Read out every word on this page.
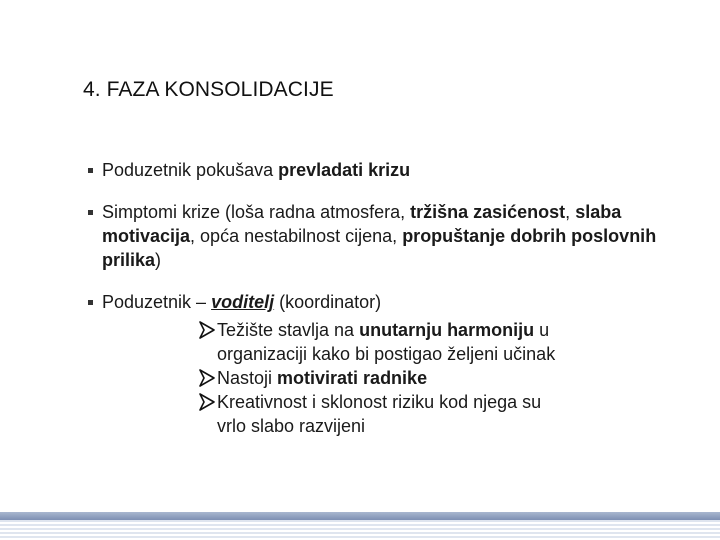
4. FAZA KONSOLIDACIJE
Poduzetnik pokušava prevladati krizu
Simptomi krize (loša radna atmosfera, tržišna zasićenost, slaba motivacija, opća nestabilnost cijena, propuštanje dobrih poslovnih prilika)
Poduzetnik – voditelj (koordinator)
Težište stavlja na unutarnju harmoniju u organizaciji kako bi postigao željeni učinak
Nastoji motivirati radnike
Kreativnost i sklonost riziku kod njega su vrlo slabo razvijeni
